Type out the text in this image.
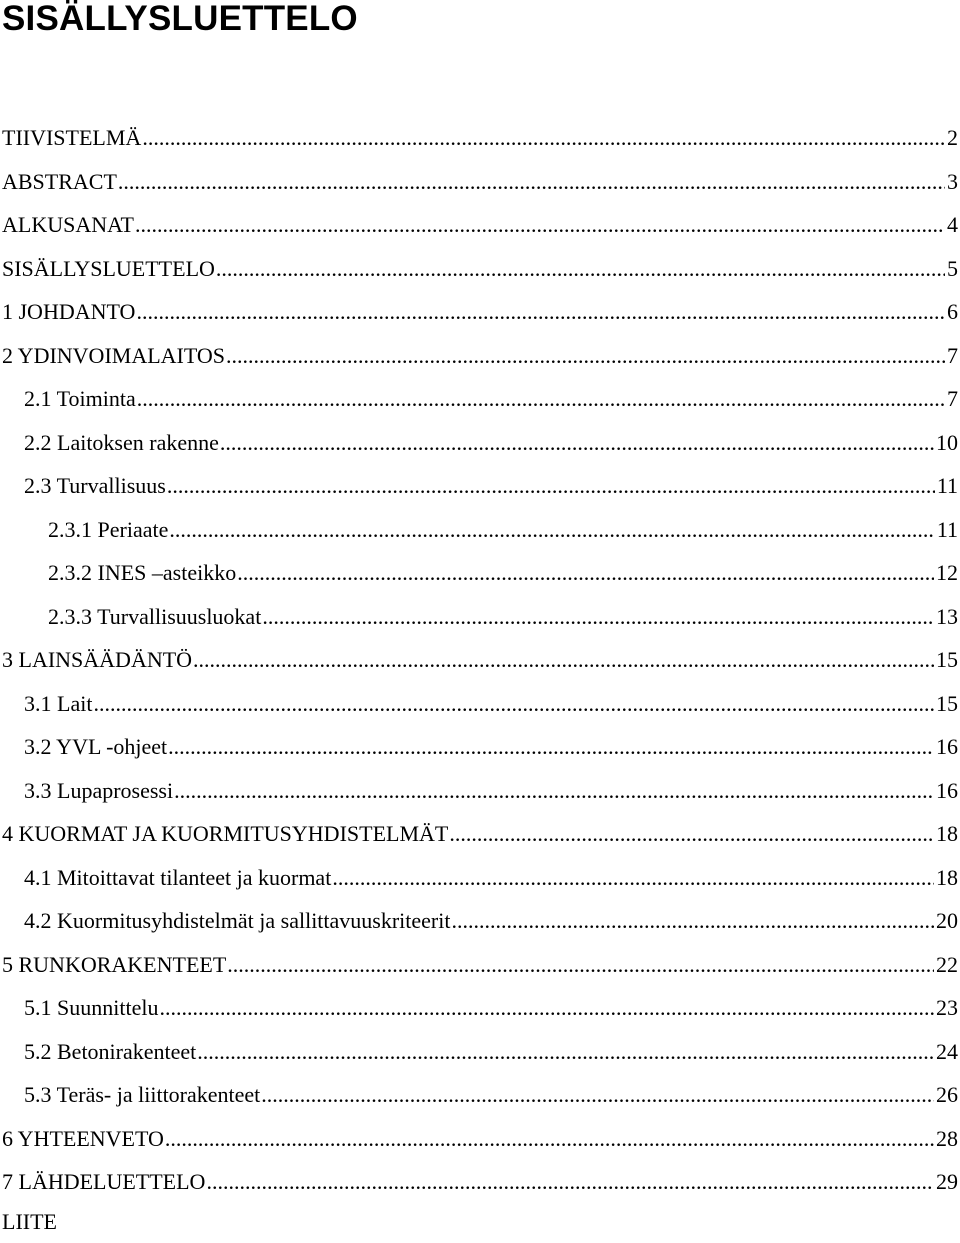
SISÄLLYSLUETTELO
TIIVISTELMÄ .....	2
ABSTRACT .....	3
ALKUSANAT .....	4
SISÄLLYSLUETTELO .....	5
1 JOHDANTO .....	6
2 YDINVOIMALAITOS .....	7
2.1 Toiminta .....	7
2.2 Laitoksen rakenne .....	10
2.3 Turvallisuus .....	11
2.3.1 Periaate .....	11
2.3.2 INES –asteikko .....	12
2.3.3 Turvallisuusluokat .....	13
3 LAINSÄÄDÄNTÖ .....	15
3.1 Lait .....	15
3.2 YVL -ohjeet .....	16
3.3 Lupaprosessi .....	16
4 KUORMAT JA KUORMITUSYHDISTELMÄT .....	18
4.1 Mitoittavat tilanteet ja kuormat .....	18
4.2 Kuormitusyhdistelmät ja sallittavuuskriteerit .....	20
5 RUNKORAKENTEET .....	22
5.1 Suunnittelu .....	23
5.2 Betonirakenteet .....	24
5.3 Teräs- ja liittorakenteet .....	26
6 YHTEENVETO .....	28
7 LÄHDELUETTELO .....	29
LIITE
